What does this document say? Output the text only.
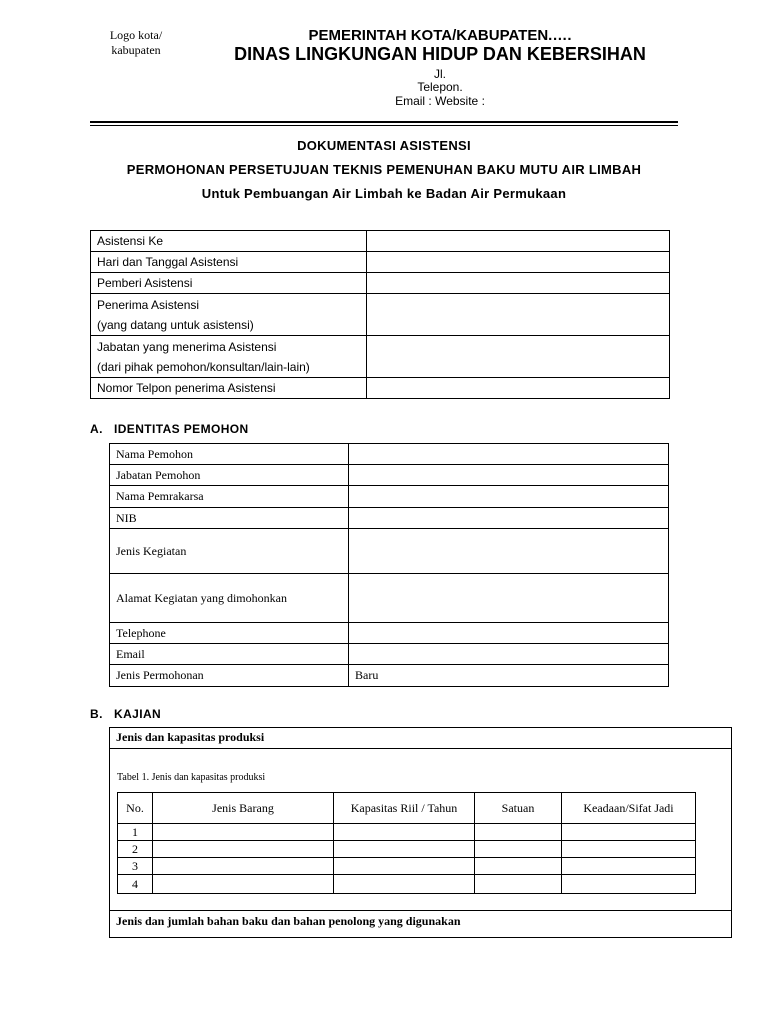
Logo kota/ kabupaten
PEMERINTAH KOTA/KABUPATEN.….
DINAS LINGKUNGAN HIDUP DAN KEBERSIHAN
Jl.
Telepon.
Email : Website :
DOKUMENTASI ASISTENSI
PERMOHONAN PERSETUJUAN TEKNIS PEMENUHAN BAKU MUTU AIR LIMBAH
Untuk Pembuangan Air Limbah ke Badan Air Permukaan
Asistensi Ke	
Hari dan Tanggal Asistensi	
Pemberi Asistensi	

Penerima Asistensi
(yang datang untuk asistensi)	

Jabatan yang menerima Asistensi
(dari pihak pemohon/konsultan/lain-lain)	

Nomor Telpon penerima Asistensi	
A.   IDENTITAS PEMOHON
Nama Pemohon	
Jabatan Pemohon	
Nama Pemrakarsa	
NIB	
Jenis Kegiatan	
Alamat Kegiatan yang dimohonkan	
Telephone	
Email	
Jenis Permohonan	Baru
B.   KAJIAN
Jenis dan kapasitas produksi

Tabel 1. Jenis dan kapasitas produksi
No.	Jenis Barang	Kapasitas Riil / Tahun	Satuan	Keadaan/Sifat Jadi
1				
2				
3				
4				

Jenis dan jumlah bahan baku dan bahan penolong yang digunakan
